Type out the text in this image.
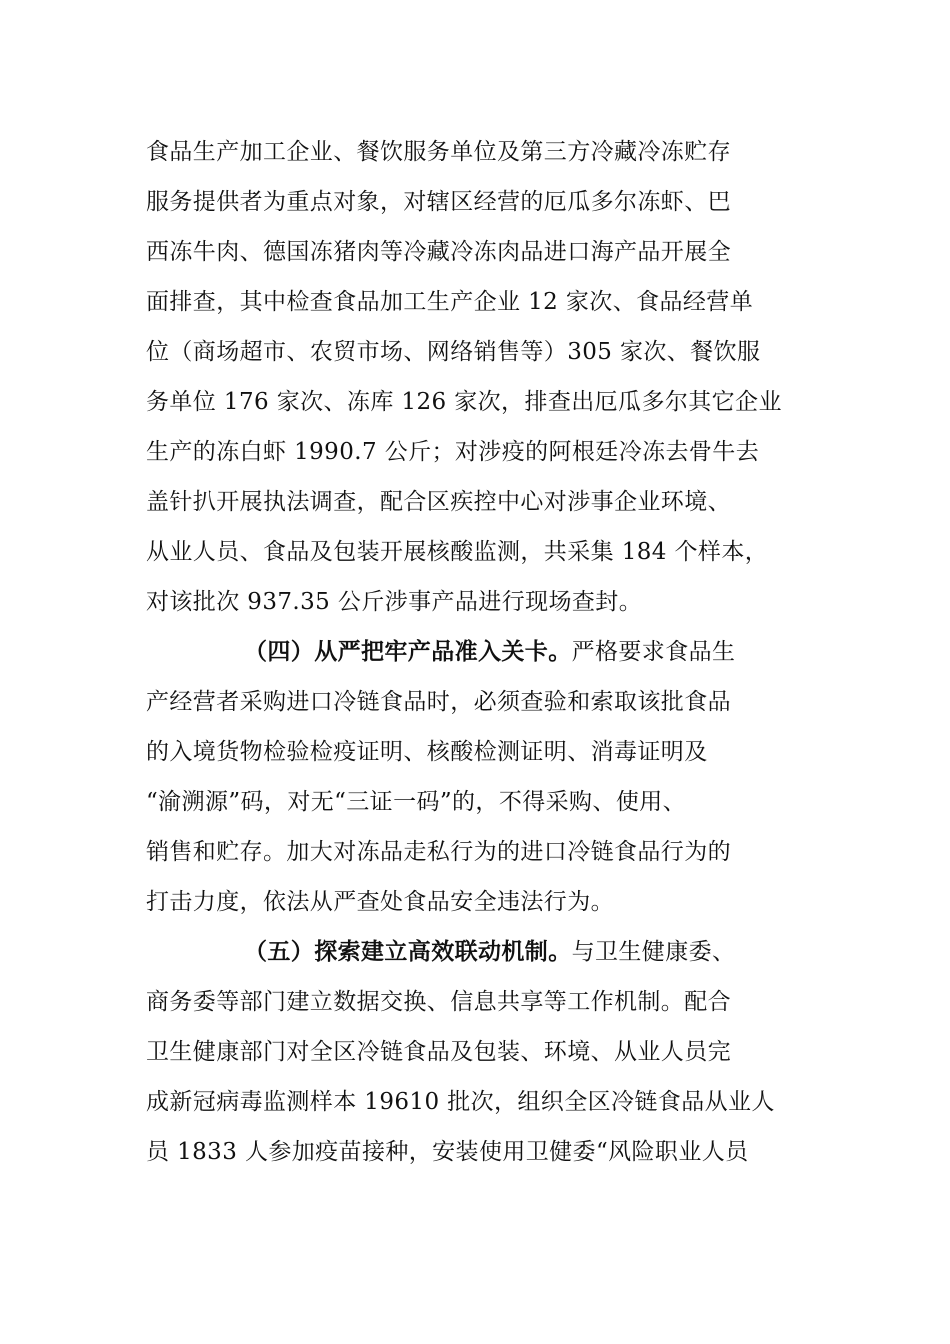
食品生产加工企业、餐饮服务单位及第三方冷藏冷冻贮存
服务提供者为重点对象，对辖区经营的厄瓜多尔冻虾、巴
西冻牛肉、德国冻猪肉等冷藏冷冻肉品进口海产品开展全
面排查，其中检查食品加工生产企业 12 家次、食品经营单
位（商场超市、农贸市场、网络销售等）305 家次、餐饮服
务单位 176 家次、冻库 126 家次，排查出厄瓜多尔其它企业
生产的冻白虾 1990.7 公斤；对涉疫的阿根廷冷冻去骨牛去
盖针扒开展执法调查，配合区疾控中心对涉事企业环境、
从业人员、食品及包装开展核酸监测，共采集 184 个样本，
对该批次 937.35 公斤涉事产品进行现场查封。
（四）从严把牢产品准入关卡。严格要求食品生
产经营者采购进口冷链食品时，必须查验和索取该批食品
的入境货物检验检疫证明、核酸检测证明、消毒证明及
“渝溯源”码，对无“三证一码”的，不得采购、使用、
销售和贮存。加大对冻品走私行为的进口冷链食品行为的
打击力度，依法从严查处食品安全违法行为。
（五）探索建立高效联动机制。与卫生健康委、
商务委等部门建立数据交换、信息共享等工作机制。配合
卫生健康部门对全区冷链食品及包装、环境、从业人员完
成新冠病毒监测样本 19610 批次，组织全区冷链食品从业人
员 1833 人参加疫苗接种，安装使用卫健委“风险职业人员
